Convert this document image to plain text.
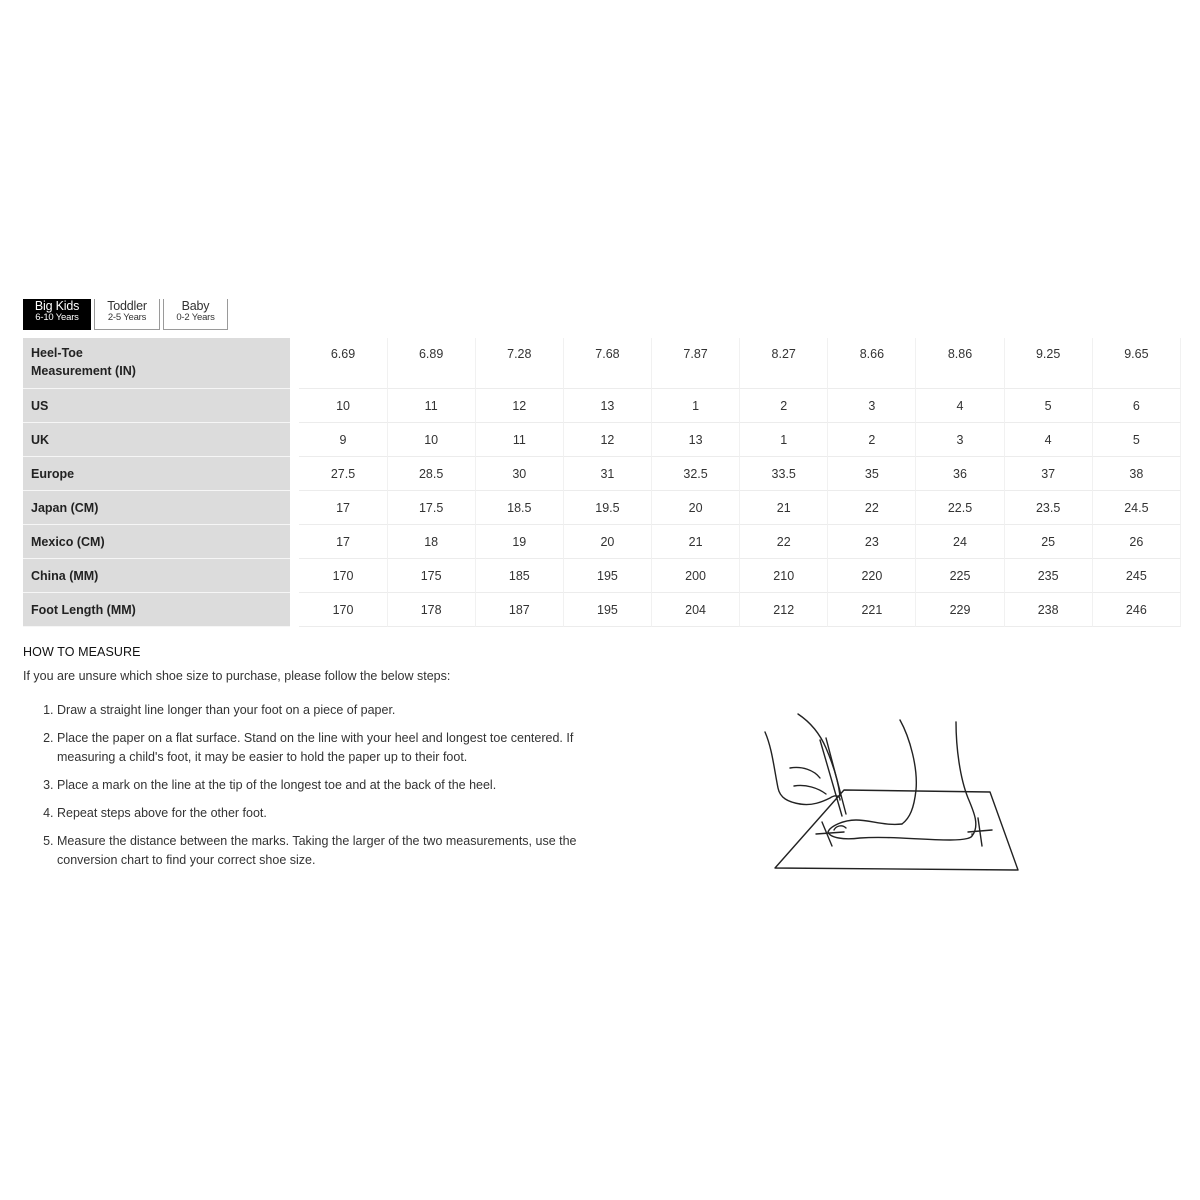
Big Kids
6-10 Years
Toddler
2-5 Years
Baby
0-2 Years
Heel-Toe
Measurement (IN)		6.69	6.89	7.28	7.68	7.87	8.27	8.66	8.86	9.25	9.65

US		10	11	12	13	1	2	3	4	5	6

UK		9	10	11	12	13	1	2	3	4	5

Europe		27.5	28.5	30	31	32.5	33.5	35	36	37	38

Japan (CM)		17	17.5	18.5	19.5	20	21	22	22.5	23.5	24.5

Mexico (CM)		17	18	19	20	21	22	23	24	25	26

China (MM)		170	175	185	195	200	210	220	225	235	245

Foot Length (MM)		170	178	187	195	204	212	221	229	238	246
HOW TO MEASURE

If you are unsure which shoe size to purchase, please follow the below steps:

1. Draw a straight line longer than your foot on a piece of paper.
2. Place the paper on a flat surface. Stand on the line with your heel and longest toe centered. If measuring a child's foot, it may be easier to hold the paper up to their foot.
3. Place a mark on the line at the tip of the longest toe and at the back of the heel.
4. Repeat steps above for the other foot.
5. Measure the distance between the marks. Taking the larger of the two measurements, use the conversion chart to find your correct shoe size.
